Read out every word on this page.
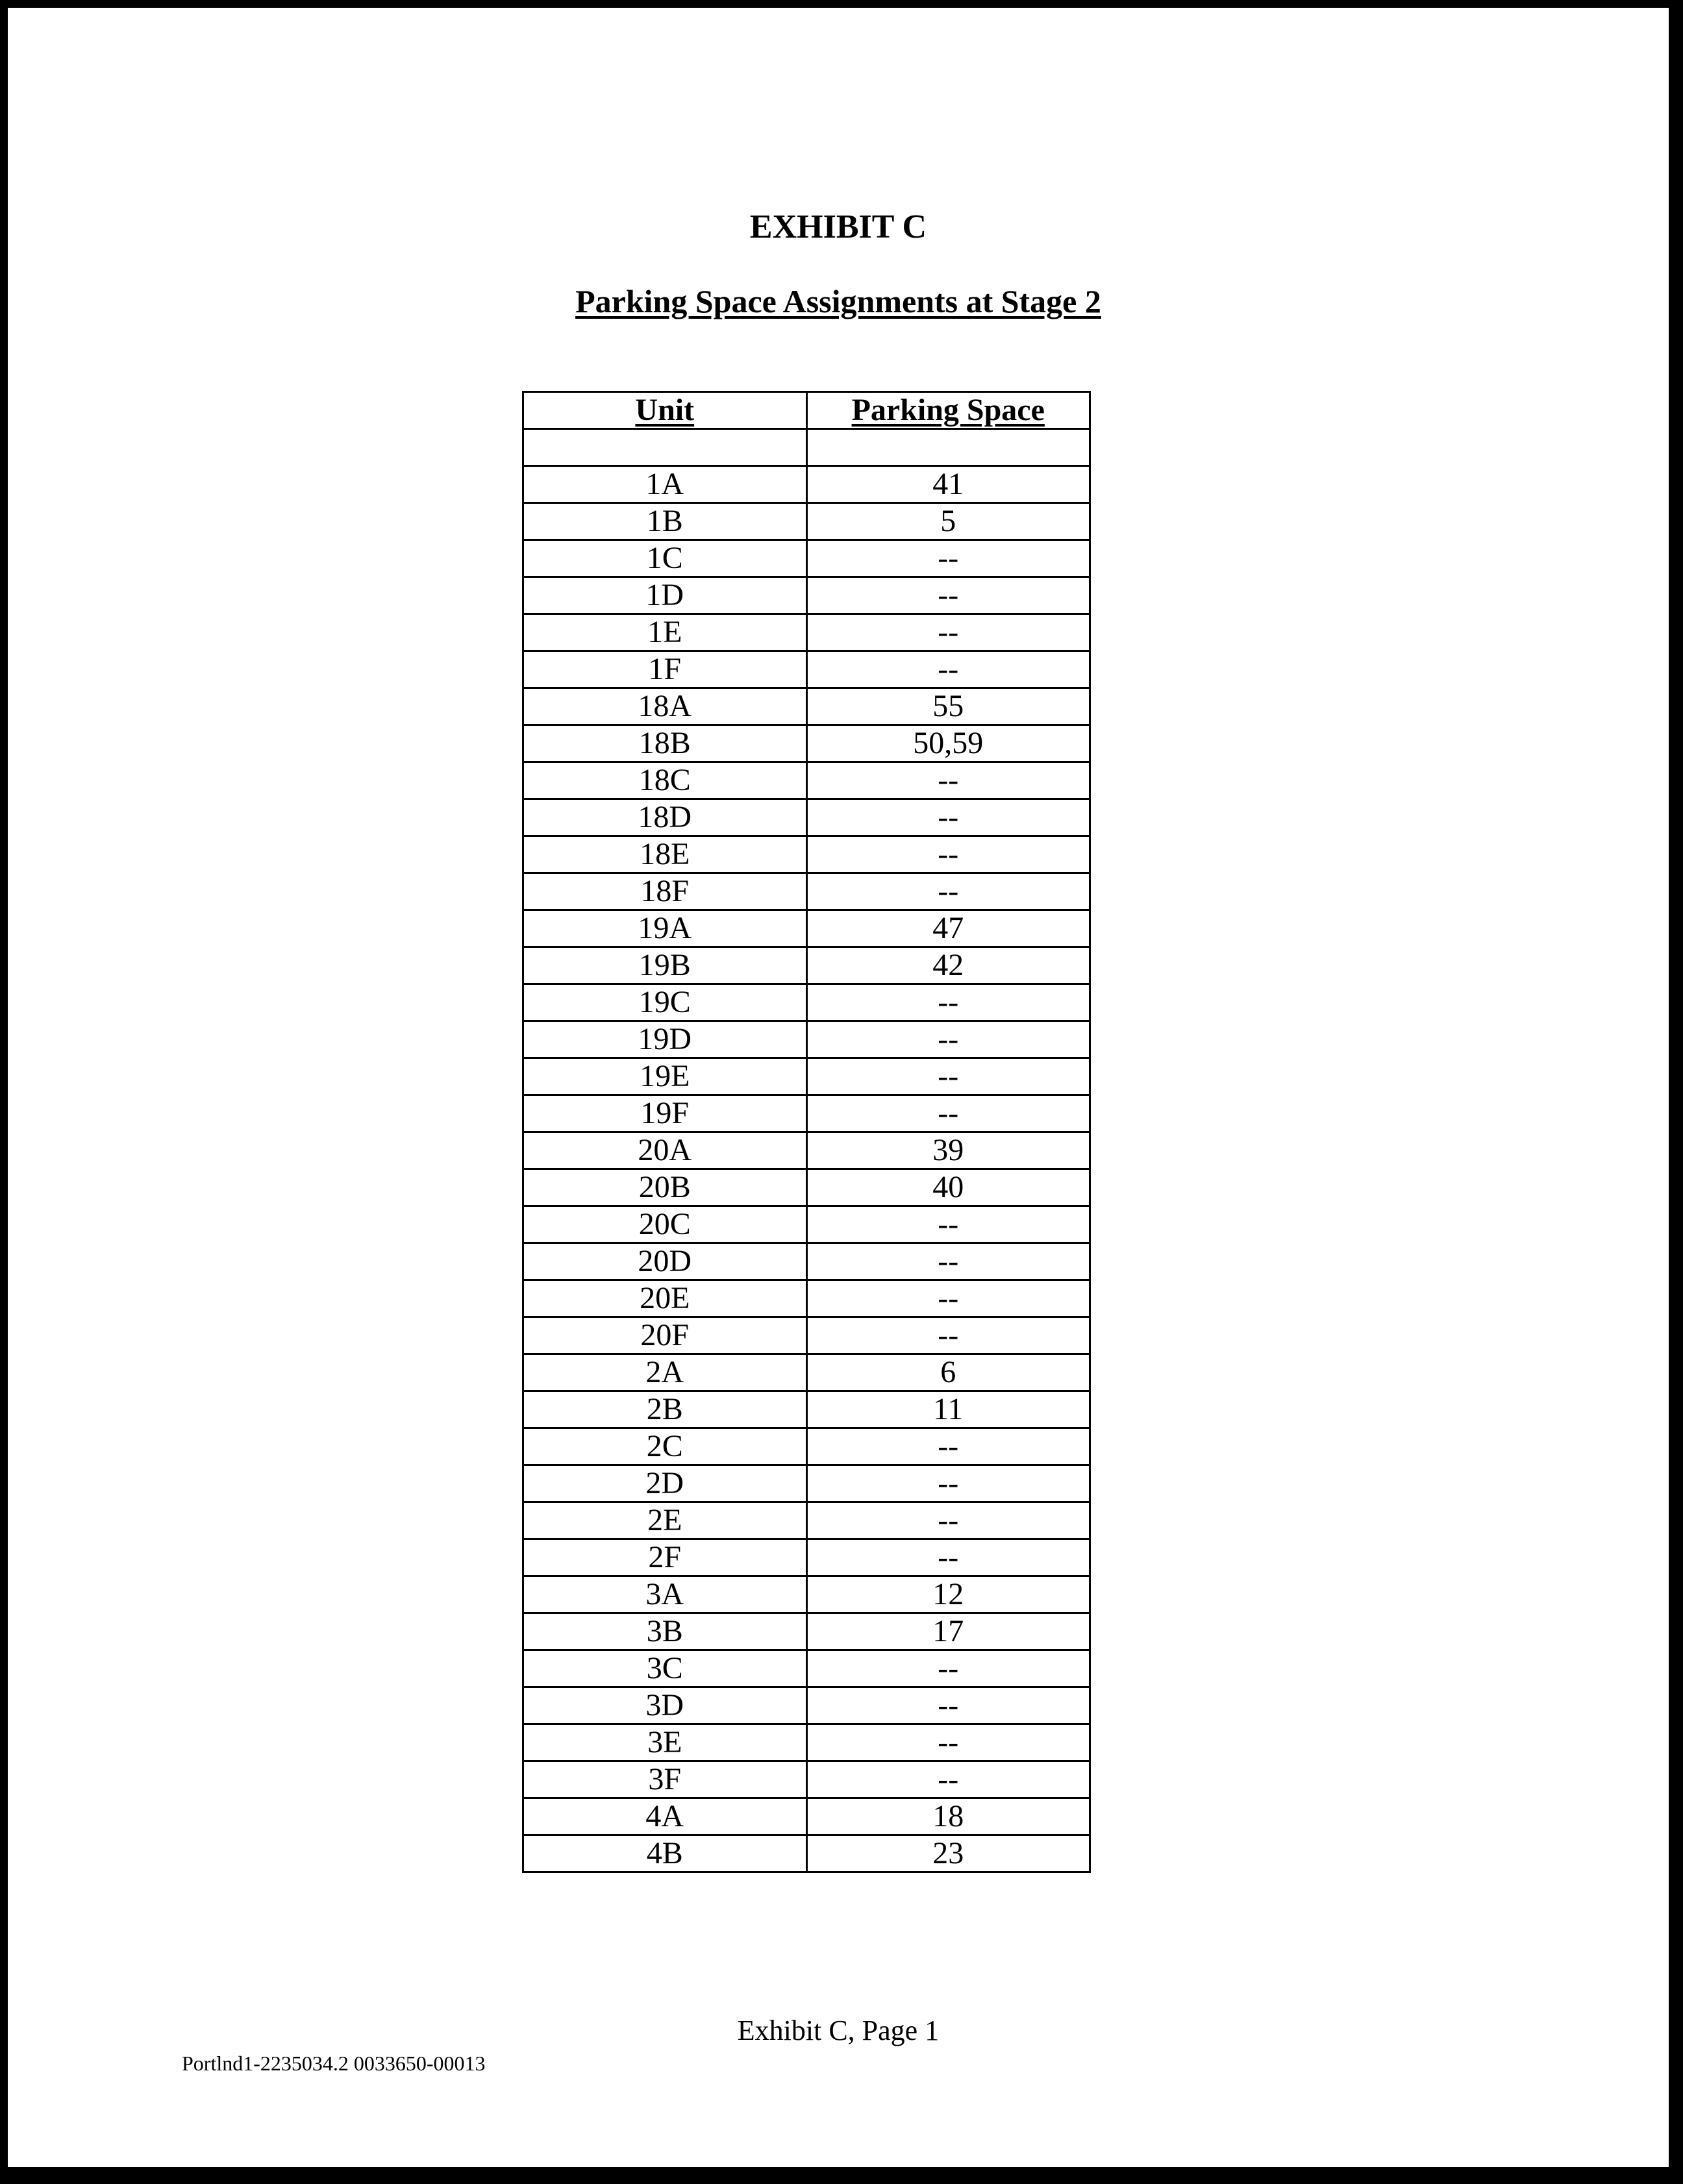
EXHIBIT C
Parking Space Assignments at Stage 2
Unit	Parking Space

1A	41
1B	5
1C	--
1D	--
1E	--
1F	--
18A	55
18B	50,59
18C	--
18D	--
18E	--
18F	--
19A	47
19B	42
19C	--
19D	--
19E	--
19F	--
20A	39
20B	40
20C	--
20D	--
20E	--
20F	--
2A	6
2B	11
2C	--
2D	--
2E	--
2F	--
3A	12
3B	17
3C	--
3D	--
3E	--
3F	--
4A	18
4B	23
Exhibit C, Page 1
Portlnd1-2235034.2 0033650-00013
